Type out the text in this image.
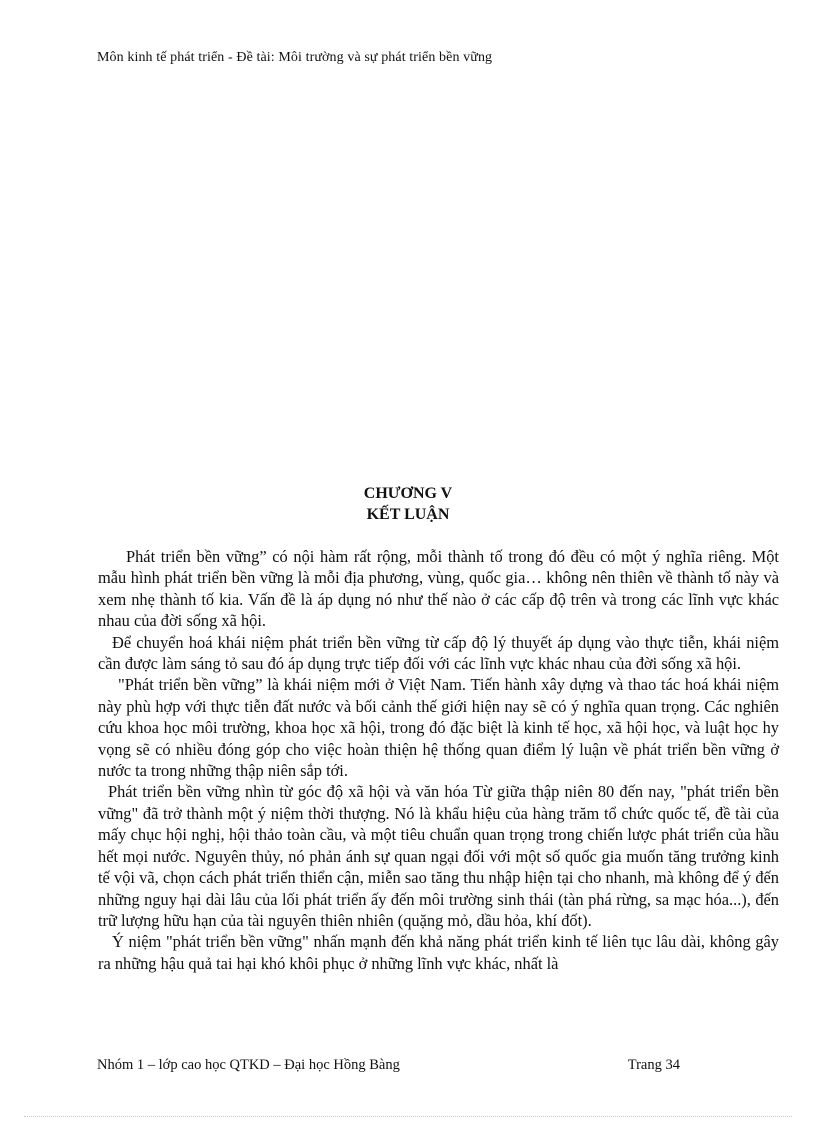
Môn kinh tế phát triển - Đề tài: Môi trường và sự phát triển bền vững
CHƯƠNG V
KẾT LUẬN

Phát triển bền vững” có nội hàm rất rộng, mỗi thành tố trong đó đều có một ý nghĩa riêng. Một mẫu hình phát triển bền vững là mỗi địa phương, vùng, quốc gia… không nên thiên về thành tố này và xem nhẹ thành tố kia. Vấn đề là áp dụng nó như thế nào ở các cấp độ trên và trong các lĩnh vực khác nhau của đời sống xã hội.

Để chuyển hoá khái niệm phát triển bền vững từ cấp độ lý thuyết áp dụng vào thực tiễn, khái niệm cần được làm sáng tỏ sau đó áp dụng trực tiếp đối với các lĩnh vực khác nhau của đời sống xã hội.

"Phát triển bền vững” là khái niệm mới ở Việt Nam. Tiến hành xây dựng và thao tác hoá khái niệm này phù hợp với thực tiễn đất nước và bối cảnh thế giới hiện nay sẽ có ý nghĩa quan trọng. Các nghiên cứu khoa học môi trường, khoa học xã hội, trong đó đặc biệt là kinh tế học, xã hội học, và luật học hy vọng sẽ có nhiều đóng góp cho việc hoàn thiện hệ thống quan điểm lý luận về phát triển bền vững ở nước ta trong những thập niên sắp tới.

Phát triển bền vững nhìn từ góc độ xã hội và văn hóa Từ giữa thập niên 80 đến nay, "phát triển bền vững" đã trở thành một ý niệm thời thượng. Nó là khẩu hiệu của hàng trăm tổ chức quốc tế, đề tài của mấy chục hội nghị, hội thảo toàn cầu, và một tiêu chuẩn quan trọng trong chiến lược phát triển của hầu hết mọi nước. Nguyên thủy, nó phản ánh sự quan ngại đối với một số quốc gia muốn tăng trưởng kinh tế vội vã, chọn cách phát triển thiển cận, miễn sao tăng thu nhập hiện tại cho nhanh, mà không để ý đến những nguy hại dài lâu của lối phát triển ấy đến môi trường sinh thái (tàn phá rừng, sa mạc hóa...), đến trữ lượng hữu hạn của tài nguyên thiên nhiên (quặng mỏ, dầu hỏa, khí đốt).

Ý niệm "phát triển bền vững" nhấn mạnh đến khả năng phát triển kinh tế liên tục lâu dài, không gây ra những hậu quả tai hại khó khôi phục ở những lĩnh vực khác, nhất là

Nhóm 1 – lớp cao học QTKD – Đại học Hồng Bàng	Trang 34
